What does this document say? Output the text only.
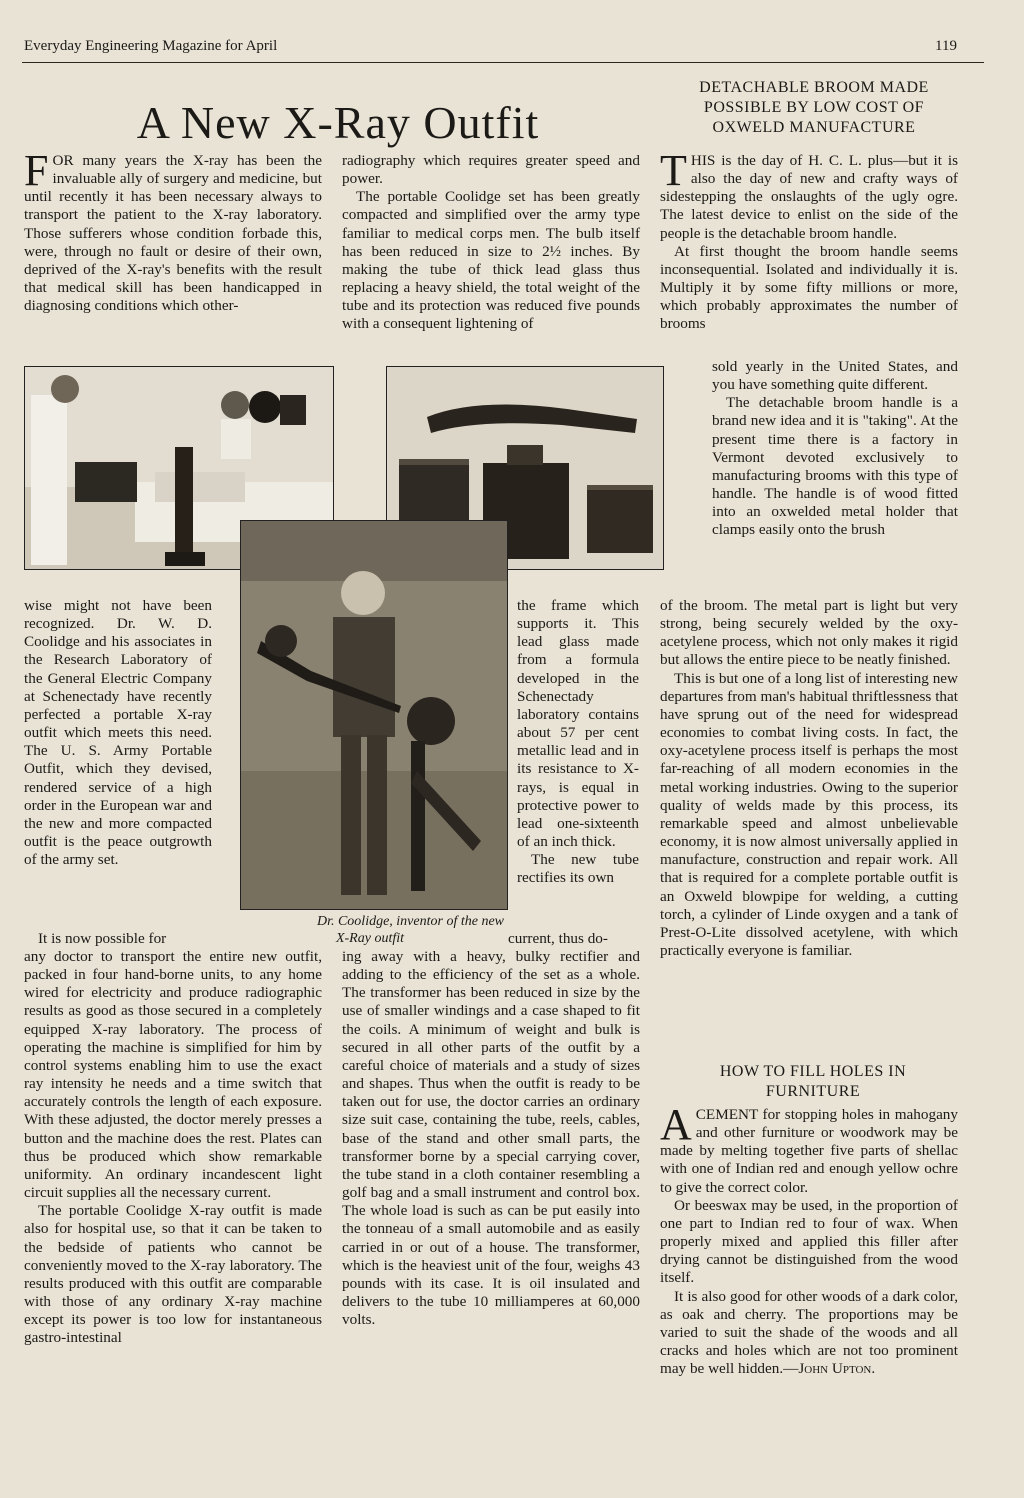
Everyday Engineering Magazine for April	119
A New X-Ray Outfit

FOR many years the X-ray has been the invaluable ally of surgery and medicine, but until recently it has been necessary always to transport the patient to the X-ray laboratory. Those sufferers whose condition forbade this, were, through no fault or desire of their own, deprived of the X-ray's benefits with the result that medical skill has been handicapped in diagnosing conditions which other-

radiography which requires greater speed and power.

The portable Coolidge set has been greatly compacted and simplified over the army type familiar to medical corps men. The bulb itself has been reduced in size to 2½ inches. By making the tube of thick lead glass thus replacing a heavy shield, the total weight of the tube and its protection was reduced five pounds with a consequent lightening of

wise might not have been recognized. Dr. W. D. Coolidge and his associates in the Research Laboratory of the General Electric Company at Schenectady have recently perfected a portable X-ray outfit which meets this need. The U. S. Army Portable Outfit, which they devised, rendered service of a high order in the European war and the new and more compacted outfit is the peace outgrowth of the army set.

the frame which supports it. This lead glass made from a formula developed in the Schenectady laboratory contains about 57 per cent metallic lead and in its resistance to X-rays, is equal in protective power to lead one-sixteenth of an inch thick.

The new tube rectifies its own

Dr. Coolidge, inventor of the new
X-Ray outfit

It is now possible for	current, thus do-

any doctor to transport the entire new outfit, packed in four hand-borne units, to any home wired for electricity and produce radiographic results as good as those secured in a completely equipped X-ray laboratory. The process of operating the machine is simplified for him by control systems enabling him to use the exact ray intensity he needs and a time switch that accurately controls the length of each exposure. With these adjusted, the doctor merely presses a button and the machine does the rest. Plates can thus be produced which show remarkable uniformity. An ordinary incandescent light circuit supplies all the necessary current.

The portable Coolidge X-ray outfit is made also for hospital use, so that it can be taken to the bedside of patients who cannot be conveniently moved to the X-ray laboratory. The results produced with this outfit are comparable with those of any ordinary X-ray machine except its power is too low for instantaneous gastro-intestinal

ing away with a heavy, bulky rectifier and adding to the efficiency of the set as a whole. The transformer has been reduced in size by the use of smaller windings and a case shaped to fit the coils. A minimum of weight and bulk is secured in all other parts of the outfit by a careful choice of materials and a study of sizes and shapes. Thus when the outfit is ready to be taken out for use, the doctor carries an ordinary size suit case, containing the tube, reels, cables, base of the stand and other small parts, the transformer borne by a special carrying cover, the tube stand in a cloth container resembling a golf bag and a small instrument and control box. The whole load is such as can be put easily into the tonneau of a small automobile and as easily carried in or out of a house. The transformer, which is the heaviest unit of the four, weighs 43 pounds with its case. It is oil insulated and delivers to the tube 10 milliamperes at 60,000 volts.

DETACHABLE BROOM MADE POSSIBLE BY LOW COST OF OXWELD MANUFACTURE

THIS is the day of H. C. L. plus—but it is also the day of new and crafty ways of sidestepping the onslaughts of the ugly ogre. The latest device to enlist on the side of the people is the detachable broom handle.

At first thought the broom handle seems inconsequential. Isolated and individually it is. Multiply it by some fifty millions or more, which probably approximates the number of brooms

sold yearly in the United States, and you have something quite different.

The detachable broom handle is a brand new idea and it is "taking". At the present time there is a factory in Vermont devoted exclusively to manufacturing brooms with this type of handle. The handle is of wood fitted into an oxwelded metal holder that clamps easily onto the brush

of the broom. The metal part is light but very strong, being securely welded by the oxy-acetylene process, which not only makes it rigid but allows the entire piece to be neatly finished.

This is but one of a long list of interesting new departures from man's habitual thriftlessness that have sprung out of the need for widespread economies to combat living costs. In fact, the oxy-acetylene process itself is perhaps the most far-reaching of all modern economies in the metal working industries. Owing to the superior quality of welds made by this process, its remarkable speed and almost unbelievable economy, it is now almost universally applied in manufacture, construction and repair work. All that is required for a complete portable outfit is an Oxweld blowpipe for welding, a cutting torch, a cylinder of Linde oxygen and a tank of Prest-O-Lite dissolved acetylene, with which practically everyone is familiar.

HOW TO FILL HOLES IN FURNITURE

ACEMENT for stopping holes in mahogany and other furniture or woodwork may be made by melting together five parts of shellac with one of Indian red and enough yellow ochre to give the correct color.

Or beeswax may be used, in the proportion of one part to Indian red to four of wax. When properly mixed and applied this filler after drying cannot be distinguished from the wood itself.

It is also good for other woods of a dark color, as oak and cherry. The proportions may be varied to suit the shade of the woods and all cracks and holes which are not too prominent may be well hidden.—John Upton.
